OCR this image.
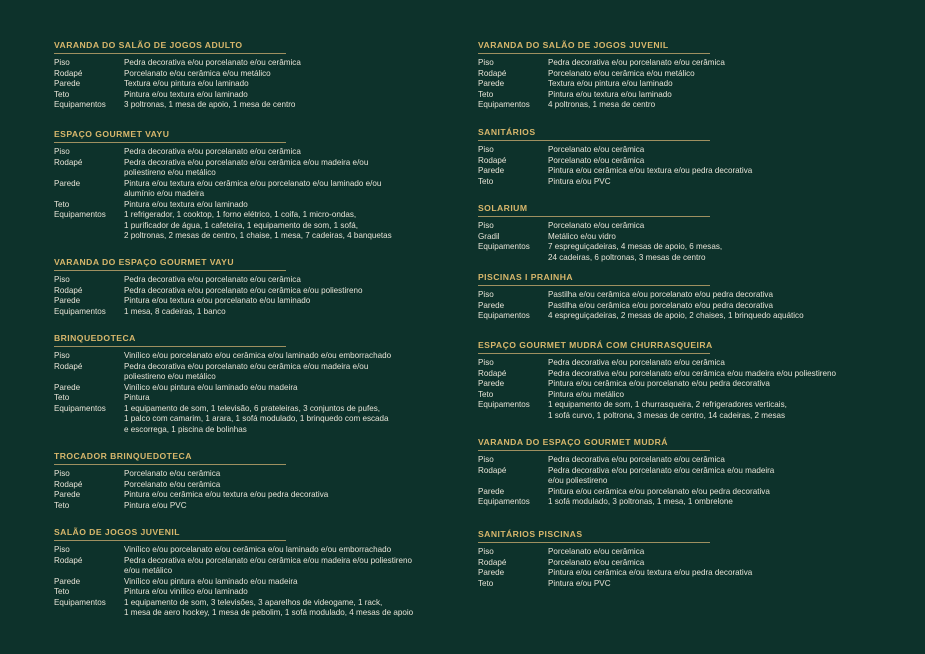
VARANDA DO SALÃO DE JOGOS ADULTO
Piso	Pedra decorativa e/ou porcelanato e/ou cerâmica
Rodapé	Porcelanato e/ou cerâmica e/ou metálico
Parede	Textura e/ou pintura e/ou laminado
Teto	Pintura e/ou textura e/ou laminado
Equipamentos	3 poltronas, 1 mesa de apoio, 1 mesa de centro
ESPAÇO GOURMET VAYU
Piso	Pedra decorativa e/ou porcelanato e/ou cerâmica
Rodapé	Pedra decorativa e/ou porcelanato e/ou cerâmica e/ou madeira e/ou
poliestireno e/ou metálico
Parede	Pintura e/ou textura e/ou cerâmica e/ou porcelanato e/ou laminado e/ou
alumínio e/ou madeira
Teto	Pintura e/ou textura e/ou laminado
Equipamentos	1 refrigerador, 1 cooktop, 1 forno elétrico, 1 coifa, 1 micro-ondas,
1 purificador de água, 1 cafeteira, 1 equipamento de som, 1 sofá,
2 poltronas, 2 mesas de centro, 1 chaise, 1 mesa, 7 cadeiras, 4 banquetas
VARANDA DO ESPAÇO GOURMET VAYU
Piso	Pedra decorativa e/ou porcelanato e/ou cerâmica
Rodapé	Pedra decorativa e/ou porcelanato e/ou cerâmica e/ou poliestireno
Parede	Pintura e/ou textura e/ou porcelanato e/ou laminado
Equipamentos	1 mesa, 8 cadeiras, 1 banco
BRINQUEDOTECA
Piso	Vinílico e/ou porcelanato e/ou cerâmica e/ou laminado e/ou emborrachado
Rodapé	Pedra decorativa e/ou porcelanato e/ou cerâmica e/ou madeira e/ou
poliestireno e/ou metálico
Parede	Vinílico e/ou pintura e/ou laminado e/ou madeira
Teto	Pintura
Equipamentos	1 equipamento de som, 1 televisão, 6 prateleiras, 3 conjuntos de pufes,
1 palco com camarim, 1 arara, 1 sofá modulado, 1 brinquedo com escada
e escorrega, 1 piscina de bolinhas
TROCADOR BRINQUEDOTECA
Piso	Porcelanato e/ou cerâmica
Rodapé	Porcelanato e/ou cerâmica
Parede	Pintura e/ou cerâmica e/ou textura e/ou pedra decorativa
Teto	Pintura e/ou PVC
SALÃO DE JOGOS JUVENIL
Piso	Vinílico e/ou porcelanato e/ou cerâmica e/ou laminado e/ou emborrachado
Rodapé	Pedra decorativa e/ou porcelanato e/ou cerâmica e/ou madeira e/ou poliestireno
e/ou metálico
Parede	Vinílico e/ou pintura e/ou laminado e/ou madeira
Teto	Pintura e/ou vinílico e/ou laminado
Equipamentos	1 equipamento de som, 3 televisões, 3 aparelhos de videogame, 1 rack,
1 mesa de aero hockey, 1 mesa de pebolim, 1 sofá modulado, 4 mesas de apoio
VARANDA DO SALÃO DE JOGOS JUVENIL
Piso	Pedra decorativa e/ou porcelanato e/ou cerâmica
Rodapé	Porcelanato e/ou cerâmica e/ou metálico
Parede	Textura e/ou pintura e/ou laminado
Teto	Pintura e/ou textura e/ou laminado
Equipamentos	4 poltronas, 1 mesa de centro
SANITÁRIOS
Piso	Porcelanato e/ou cerâmica
Rodapé	Porcelanato e/ou cerâmica
Parede	Pintura e/ou cerâmica e/ou textura e/ou pedra decorativa
Teto	Pintura e/ou PVC
SOLARIUM
Piso	Porcelanato e/ou cerâmica
Gradil	Metálico e/ou vidro
Equipamentos	7 espreguiçadeiras, 4 mesas de apoio, 6 mesas,
24 cadeiras, 6 poltronas, 3 mesas de centro
PISCINAS I PRAINHA
Piso	Pastilha e/ou cerâmica e/ou porcelanato e/ou pedra decorativa
Parede	Pastilha e/ou cerâmica e/ou porcelanato e/ou pedra decorativa
Equipamentos	4 espreguiçadeiras, 2 mesas de apoio, 2 chaises, 1 brinquedo aquático
ESPAÇO GOURMET MUDRÁ COM CHURRASQUEIRA
Piso	Pedra decorativa e/ou porcelanato e/ou cerâmica
Rodapé	Pedra decorativa e/ou porcelanato e/ou cerâmica e/ou madeira e/ou poliestireno
Parede	Pintura e/ou cerâmica e/ou porcelanato e/ou pedra decorativa
Teto	Pintura e/ou metálico
Equipamentos	1 equipamento de som, 1 churrasqueira, 2 refrigeradores verticais,
1 sofá curvo, 1 poltrona, 3 mesas de centro, 14 cadeiras, 2 mesas
VARANDA DO ESPAÇO GOURMET MUDRÁ
Piso	Pedra decorativa e/ou porcelanato e/ou cerâmica
Rodapé	Pedra decorativa e/ou porcelanato e/ou cerâmica e/ou madeira
e/ou poliestireno
Parede	Pintura e/ou cerâmica e/ou porcelanato e/ou pedra decorativa
Equipamentos	1 sofá modulado, 3 poltronas, 1 mesa, 1 ombrelone
SANITÁRIOS PISCINAS
Piso	Porcelanato e/ou cerâmica
Rodapé	Porcelanato e/ou cerâmica
Parede	Pintura e/ou cerâmica e/ou textura e/ou pedra decorativa
Teto	Pintura e/ou PVC
